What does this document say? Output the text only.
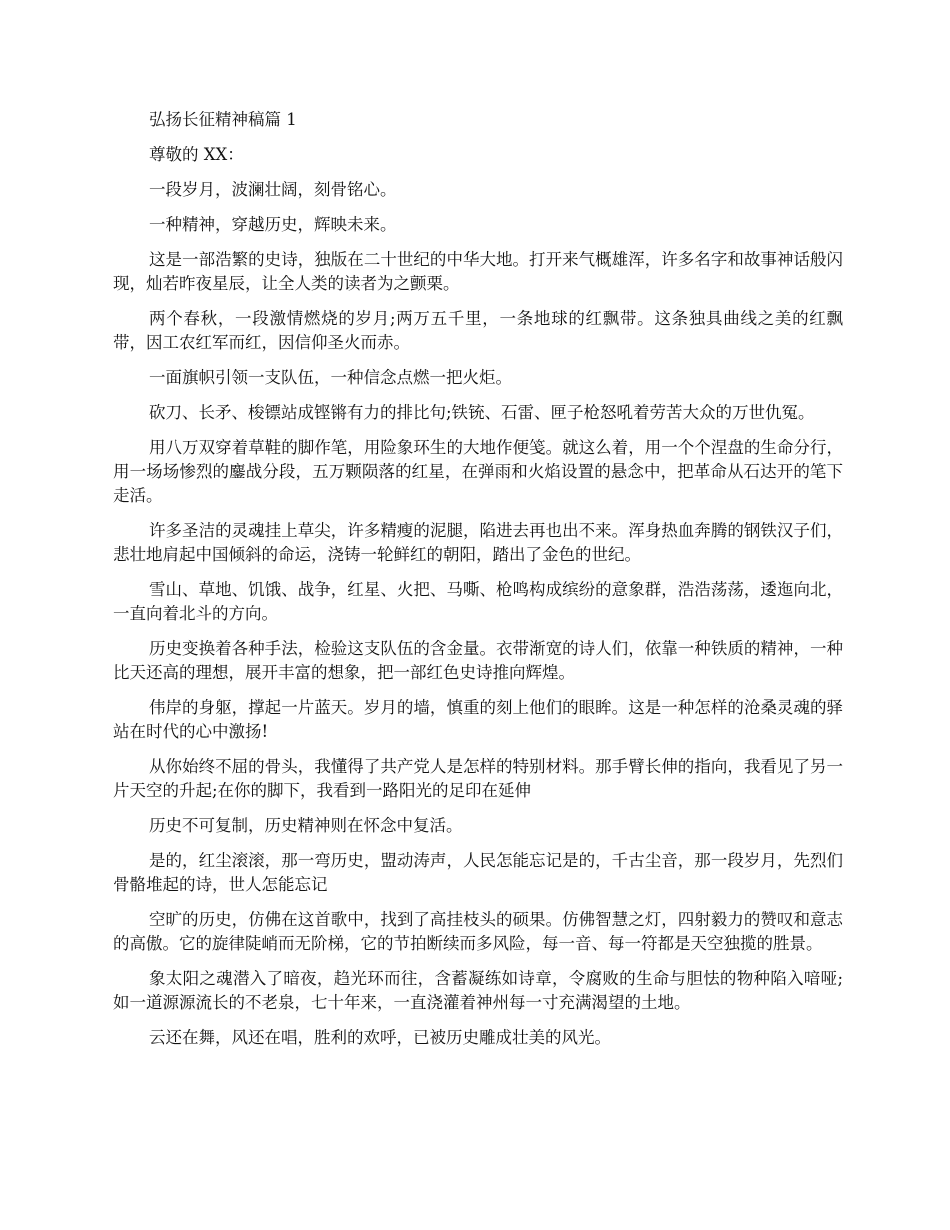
弘扬长征精神稿篇 1

尊敬的 XX：

一段岁月，波澜壮阔，刻骨铭心。

一种精神，穿越历史，辉映未来。

这是一部浩繁的史诗，独版在二十世纪的中华大地。打开来气概雄浑，许多名字和故事神话般闪现，灿若昨夜星辰，让全人类的读者为之颤栗。

两个春秋，一段激情燃烧的岁月;两万五千里，一条地球的红飘带。这条独具曲线之美的红飘带，因工农红军而红，因信仰圣火而赤。

一面旗帜引领一支队伍，一种信念点燃一把火炬。

砍刀、长矛、梭镖站成铿锵有力的排比句;铁铳、石雷、匣子枪怒吼着劳苦大众的万世仇冤。

用八万双穿着草鞋的脚作笔，用险象环生的大地作便笺。就这么着，用一个个涅盘的生命分行，用一场场惨烈的鏖战分段，五万颗陨落的红星，在弹雨和火焰设置的悬念中，把革命从石达开的笔下走活。

许多圣洁的灵魂挂上草尖，许多精瘦的泥腿，陷进去再也出不来。浑身热血奔腾的钢铁汉子们，悲壮地肩起中国倾斜的命运，浇铸一轮鲜红的朝阳，踏出了金色的世纪。

雪山、草地、饥饿、战争，红星、火把、马嘶、枪鸣构成缤纷的意象群，浩浩荡荡，逶迤向北，一直向着北斗的方向。

历史变换着各种手法，检验这支队伍的含金量。衣带渐宽的诗人们，依靠一种铁质的精神，一种比天还高的理想，展开丰富的想象，把一部红色史诗推向辉煌。

伟岸的身躯，撑起一片蓝天。岁月的墙，慎重的刻上他们的眼眸。这是一种怎样的沧桑灵魂的驿站在时代的心中激扬!

从你始终不屈的骨头，我懂得了共产党人是怎样的特别材料。那手臂长伸的指向，我看见了另一片天空的升起;在你的脚下，我看到一路阳光的足印在延伸

历史不可复制，历史精神则在怀念中复活。

是的，红尘滚滚，那一弯历史，盟动涛声，人民怎能忘记是的，千古尘音，那一段岁月，先烈们骨骼堆起的诗，世人怎能忘记

空旷的历史，仿佛在这首歌中，找到了高挂枝头的硕果。仿佛智慧之灯，四射毅力的赞叹和意志的高傲。它的旋律陡峭而无阶梯，它的节拍断续而多风险，每一音、每一符都是天空独揽的胜景。

象太阳之魂潜入了暗夜，趋光环而往，含蓄凝练如诗章，令腐败的生命与胆怯的物种陷入喑哑;如一道源源流长的不老泉，七十年来，一直浇灌着神州每一寸充满渴望的土地。

云还在舞，风还在唱，胜利的欢呼，已被历史雕成壮美的风光。
